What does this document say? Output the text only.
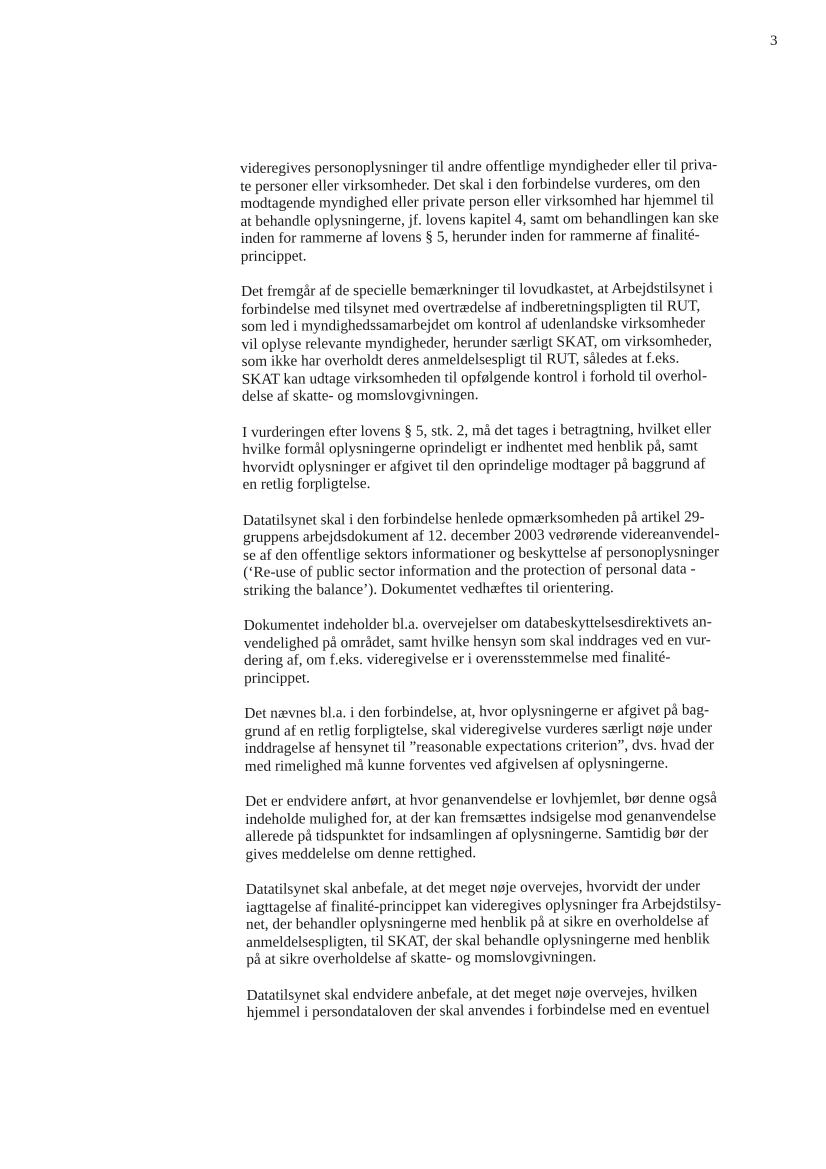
3

videregives personoplysninger til andre offentlige myndigheder eller til priva-
te personer eller virksomheder. Det skal i den forbindelse vurderes, om den
modtagende myndighed eller private person eller virksomhed har hjemmel til
at behandle oplysningerne, jf. lovens kapitel 4, samt om behandlingen kan ske
inden for rammerne af lovens § 5, herunder inden for rammerne af finalité-
princippet.

Det fremgår af de specielle bemærkninger til lovudkastet, at Arbejdstilsynet i
forbindelse med tilsynet med overtrædelse af indberetningspligten til RUT,
som led i myndighedssamarbejdet om kontrol af udenlandske virksomheder
vil oplyse relevante myndigheder, herunder særligt SKAT, om virksomheder,
som ikke har overholdt deres anmeldelsespligt til RUT, således at f.eks.
SKAT kan udtage virksomheden til opfølgende kontrol i forhold til overhol-
delse af skatte- og momslovgivningen.

I vurderingen efter lovens § 5, stk. 2, må det tages i betragtning, hvilket eller
hvilke formål oplysningerne oprindeligt er indhentet med henblik på, samt
hvorvidt oplysninger er afgivet til den oprindelige modtager på baggrund af
en retlig forpligtelse.

Datatilsynet skal i den forbindelse henlede opmærksomheden på artikel 29-
gruppens arbejdsdokument af 12. december 2003 vedrørende videreanvendel-
se af den offentlige sektors informationer og beskyttelse af personoplysninger
(‘Re-use of public sector information and the protection of personal data -
striking the balance’). Dokumentet vedhæftes til orientering.

Dokumentet indeholder bl.a. overvejelser om databeskyttelsesdirektivets an-
vendelighed på området, samt hvilke hensyn som skal inddrages ved en vur-
dering af, om f.eks. videregivelse er i overensstemmelse med finalité-
princippet.

Det nævnes bl.a. i den forbindelse, at, hvor oplysningerne er afgivet på bag-
grund af en retlig forpligtelse, skal videregivelse vurderes særligt nøje under
inddragelse af hensynet til ”reasonable expectations criterion”, dvs. hvad der
med rimelighed må kunne forventes ved afgivelsen af oplysningerne.

Det er endvidere anført, at hvor genanvendelse er lovhjemlet, bør denne også
indeholde mulighed for, at der kan fremsættes indsigelse mod genanvendelse
allerede på tidspunktet for indsamlingen af oplysningerne. Samtidig bør der
gives meddelelse om denne rettighed.

Datatilsynet skal anbefale, at det meget nøje overvejes, hvorvidt der under
iagttagelse af finalité-princippet kan videregives oplysninger fra Arbejdstilsy-
net, der behandler oplysningerne med henblik på at sikre en overholdelse af
anmeldelsespligten, til SKAT, der skal behandle oplysningerne med henblik
på at sikre overholdelse af skatte- og momslovgivningen.

Datatilsynet skal endvidere anbefale, at det meget nøje overvejes, hvilken
hjemmel i persondataloven der skal anvendes i forbindelse med en eventuel
